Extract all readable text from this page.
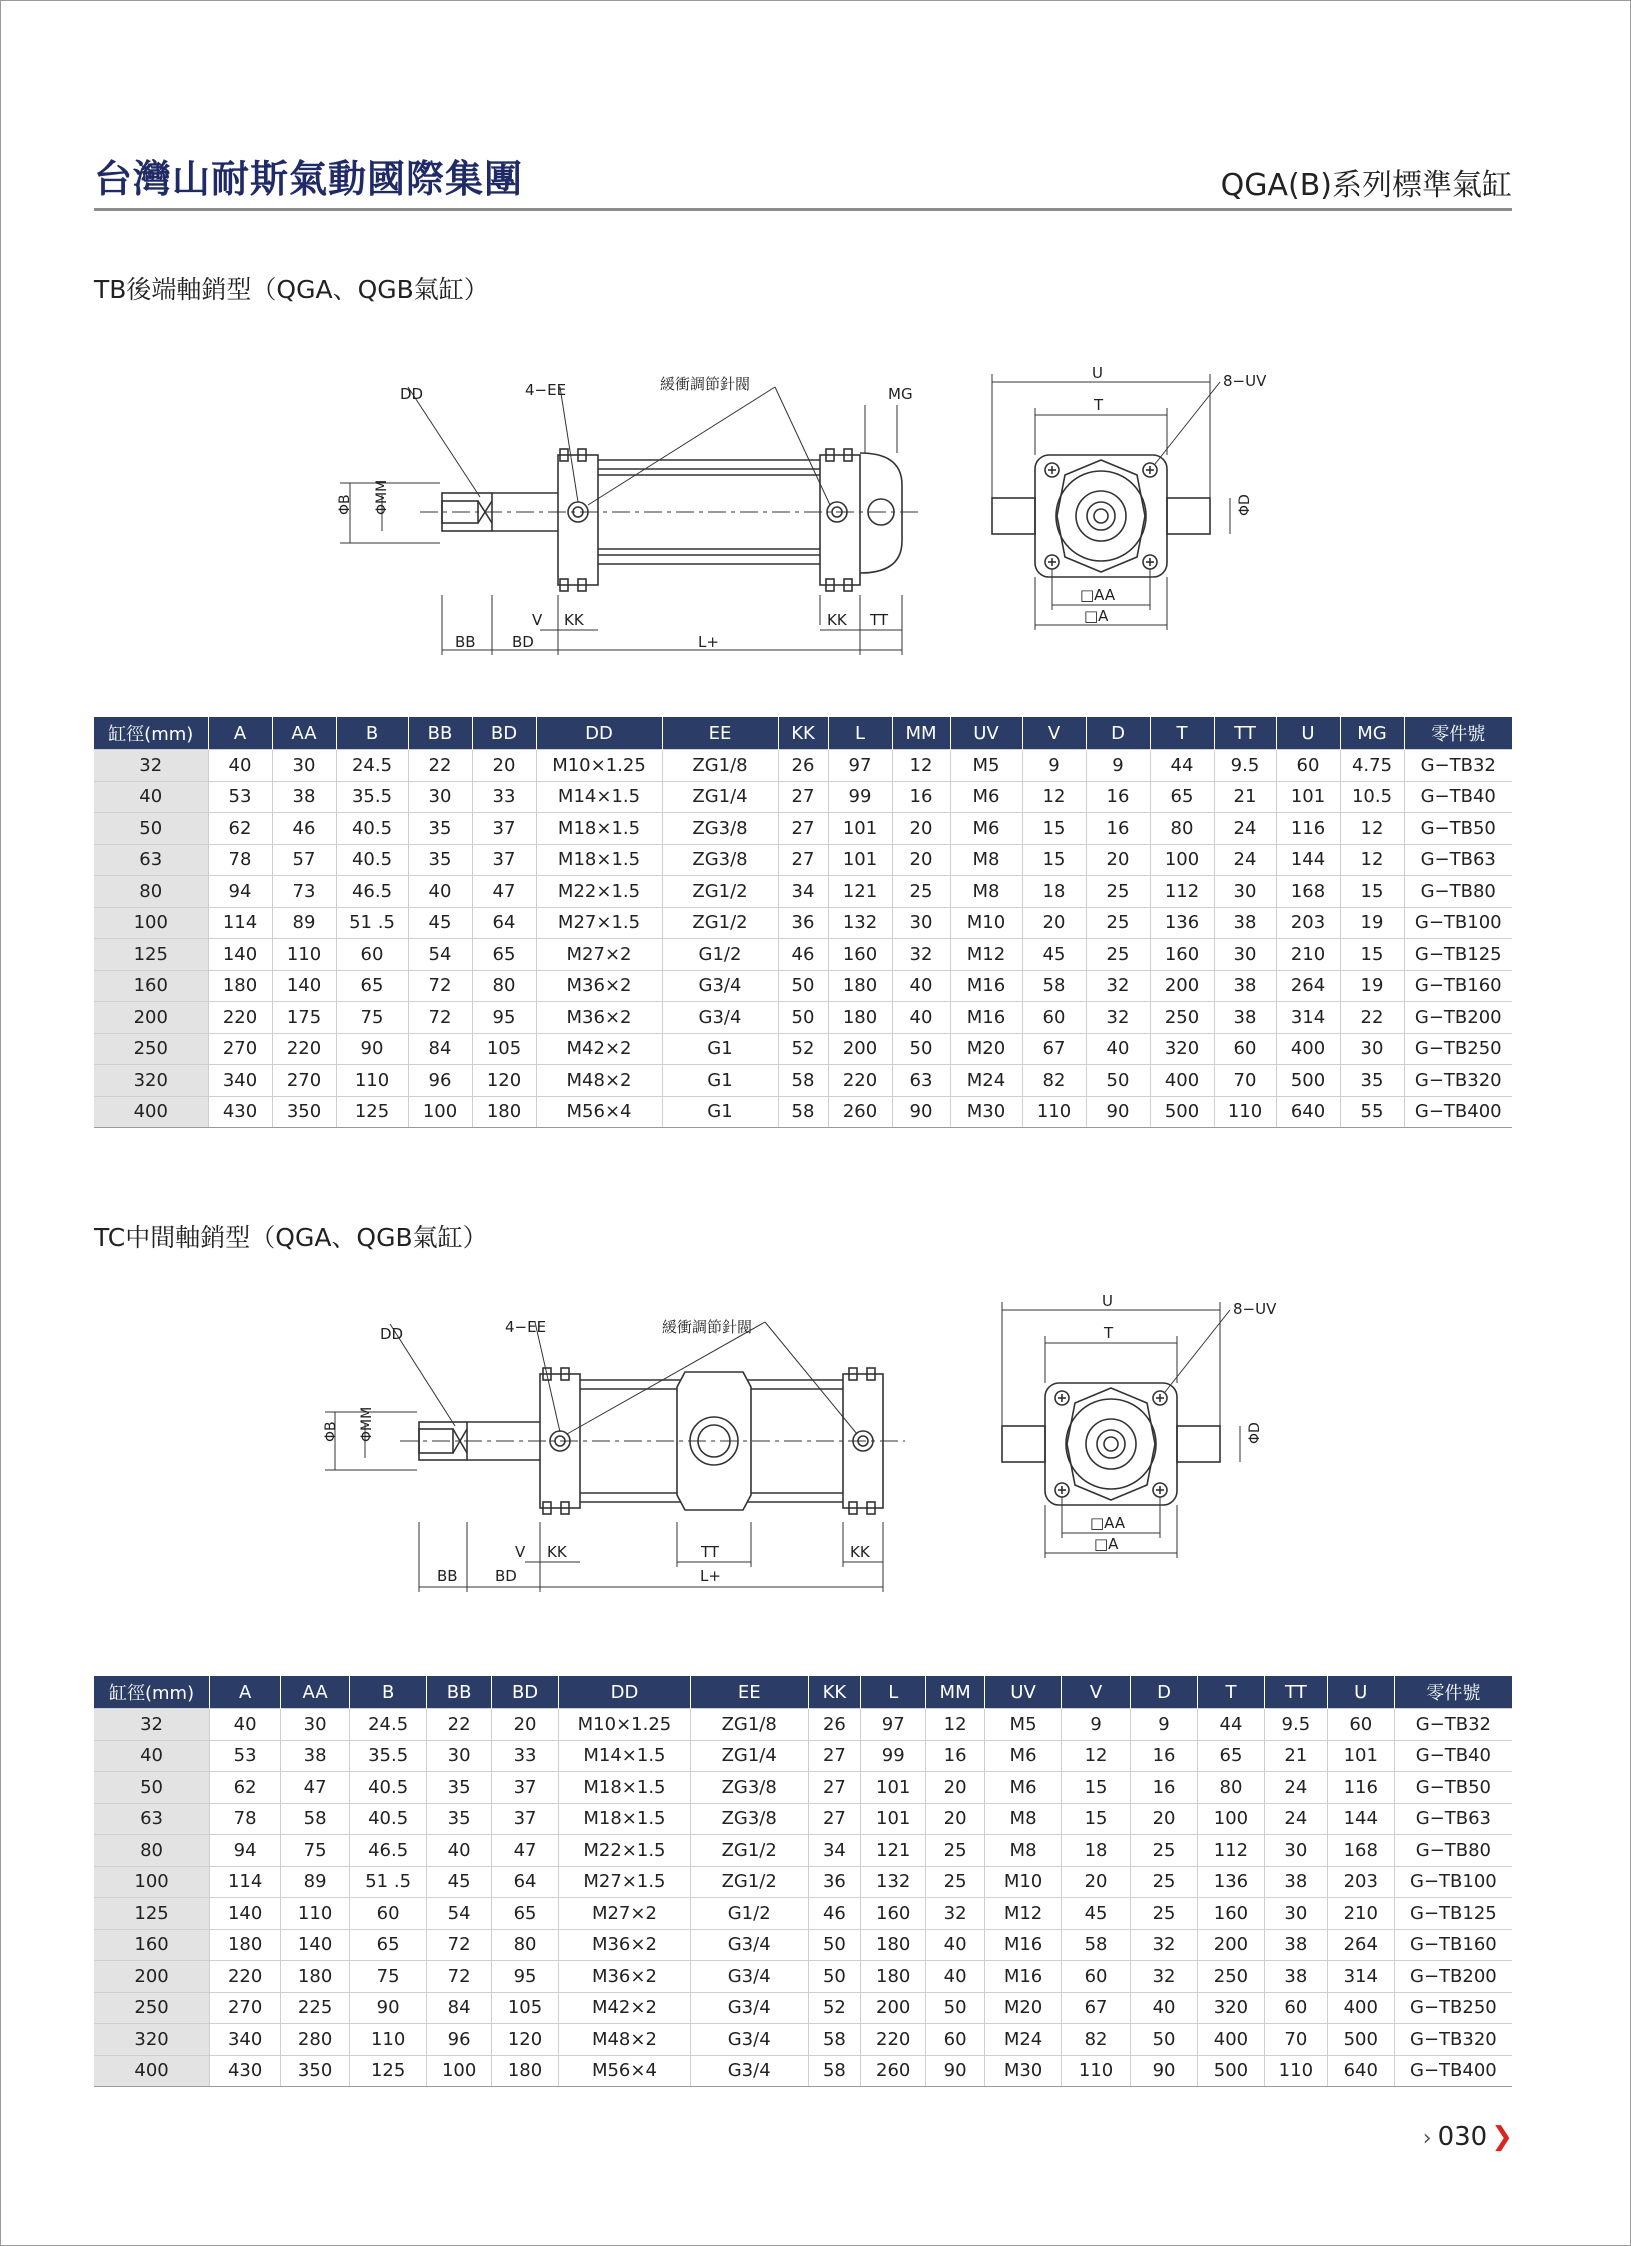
台灣山耐斯氣動國際集團	QGA(B)系列標準氣缸
TB後端軸銷型（QGA、QGB氣缸）
DD	4−EE	緩衝調節針閥
MG
ΦB ΦMM
V KK	KK TT
BB BD	L+
U
T
8−UV
ΦD
□AA
□A
缸徑(mm)	A	AA	B	BB	BD	DD	EE	KK	L	MM	UV	V	D	T	TT	U	MG	零件號
32	40	30	24.5	22	20	M10×1.25	ZG1/8	26	97	12	M5	9	9	44	9.5	60	4.75	G−TB32
40	53	38	35.5	30	33	M14×1.5	ZG1/4	27	99	16	M6	12	16	65	21	101	10.5	G−TB40
50	62	46	40.5	35	37	M18×1.5	ZG3/8	27	101	20	M6	15	16	80	24	116	12	G−TB50
63	78	57	40.5	35	37	M18×1.5	ZG3/8	27	101	20	M8	15	20	100	24	144	12	G−TB63
80	94	73	46.5	40	47	M22×1.5	ZG1/2	34	121	25	M8	18	25	112	30	168	15	G−TB80
100	114	89	51 .5	45	64	M27×1.5	ZG1/2	36	132	30	M10	20	25	136	38	203	19	G−TB100
125	140	110	60	54	65	M27×2	G1/2	46	160	32	M12	45	25	160	30	210	15	G−TB125
160	180	140	65	72	80	M36×2	G3/4	50	180	40	M16	58	32	200	38	264	19	G−TB160
200	220	175	75	72	95	M36×2	G3/4	50	180	40	M16	60	32	250	38	314	22	G−TB200
250	270	220	90	84	105	M42×2	G1	52	200	50	M20	67	40	320	60	400	30	G−TB250
320	340	270	110	96	120	M48×2	G1	58	220	63	M24	82	50	400	70	500	35	G−TB320
400	430	350	125	100	180	M56×4	G1	58	260	90	M30	110	90	500	110	640	55	G−TB400
TC中間軸銷型（QGA、QGB氣缸）
DD	4−EE	緩衝調節針閥
ΦB ΦMM
V KK	TT	KK
BB BD	L+
U
T
8−UV
ΦD
□AA
□A
缸徑(mm)	A	AA	B	BB	BD	DD	EE	KK	L	MM	UV	V	D	T	TT	U	零件號
32	40	30	24.5	22	20	M10×1.25	ZG1/8	26	97	12	M5	9	9	44	9.5	60	G−TB32
40	53	38	35.5	30	33	M14×1.5	ZG1/4	27	99	16	M6	12	16	65	21	101	G−TB40
50	62	47	40.5	35	37	M18×1.5	ZG3/8	27	101	20	M6	15	16	80	24	116	G−TB50
63	78	58	40.5	35	37	M18×1.5	ZG3/8	27	101	20	M8	15	20	100	24	144	G−TB63
80	94	75	46.5	40	47	M22×1.5	ZG1/2	34	121	25	M8	18	25	112	30	168	G−TB80
100	114	89	51 .5	45	64	M27×1.5	ZG1/2	36	132	25	M10	20	25	136	38	203	G−TB100
125	140	110	60	54	65	M27×2	G1/2	46	160	32	M12	45	25	160	30	210	G−TB125
160	180	140	65	72	80	M36×2	G3/4	50	180	40	M16	58	32	200	38	264	G−TB160
200	220	180	75	72	95	M36×2	G3/4	50	180	40	M16	60	32	250	38	314	G−TB200
250	270	225	90	84	105	M42×2	G3/4	52	200	50	M20	67	40	320	60	400	G−TB250
320	340	280	110	96	120	M48×2	G3/4	58	220	60	M24	82	50	400	70	500	G−TB320
400	430	350	125	100	180	M56×4	G3/4	58	260	90	M30	110	90	500	110	640	G−TB400
› 030 ❯
